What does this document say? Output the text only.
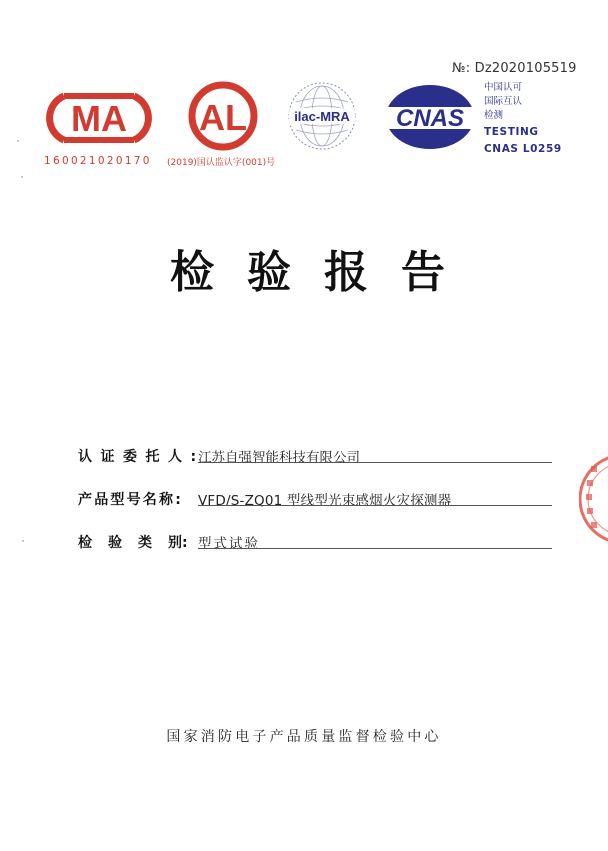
№: Dz2020105519
MA
160021020170
AL
(2019)国认监认字(001)号
ilac-MRA CNAS
中国认可
国际互认
检测
TESTING
CNAS L0259
检验报告
认证委托人:
江苏自强智能科技有限公司
产品型号名称: VFD/S-ZQ01 型线型光束感烟火灾探测器
检 验 类 别: 型式试验
国家消防电子产品质量监督检验中心
